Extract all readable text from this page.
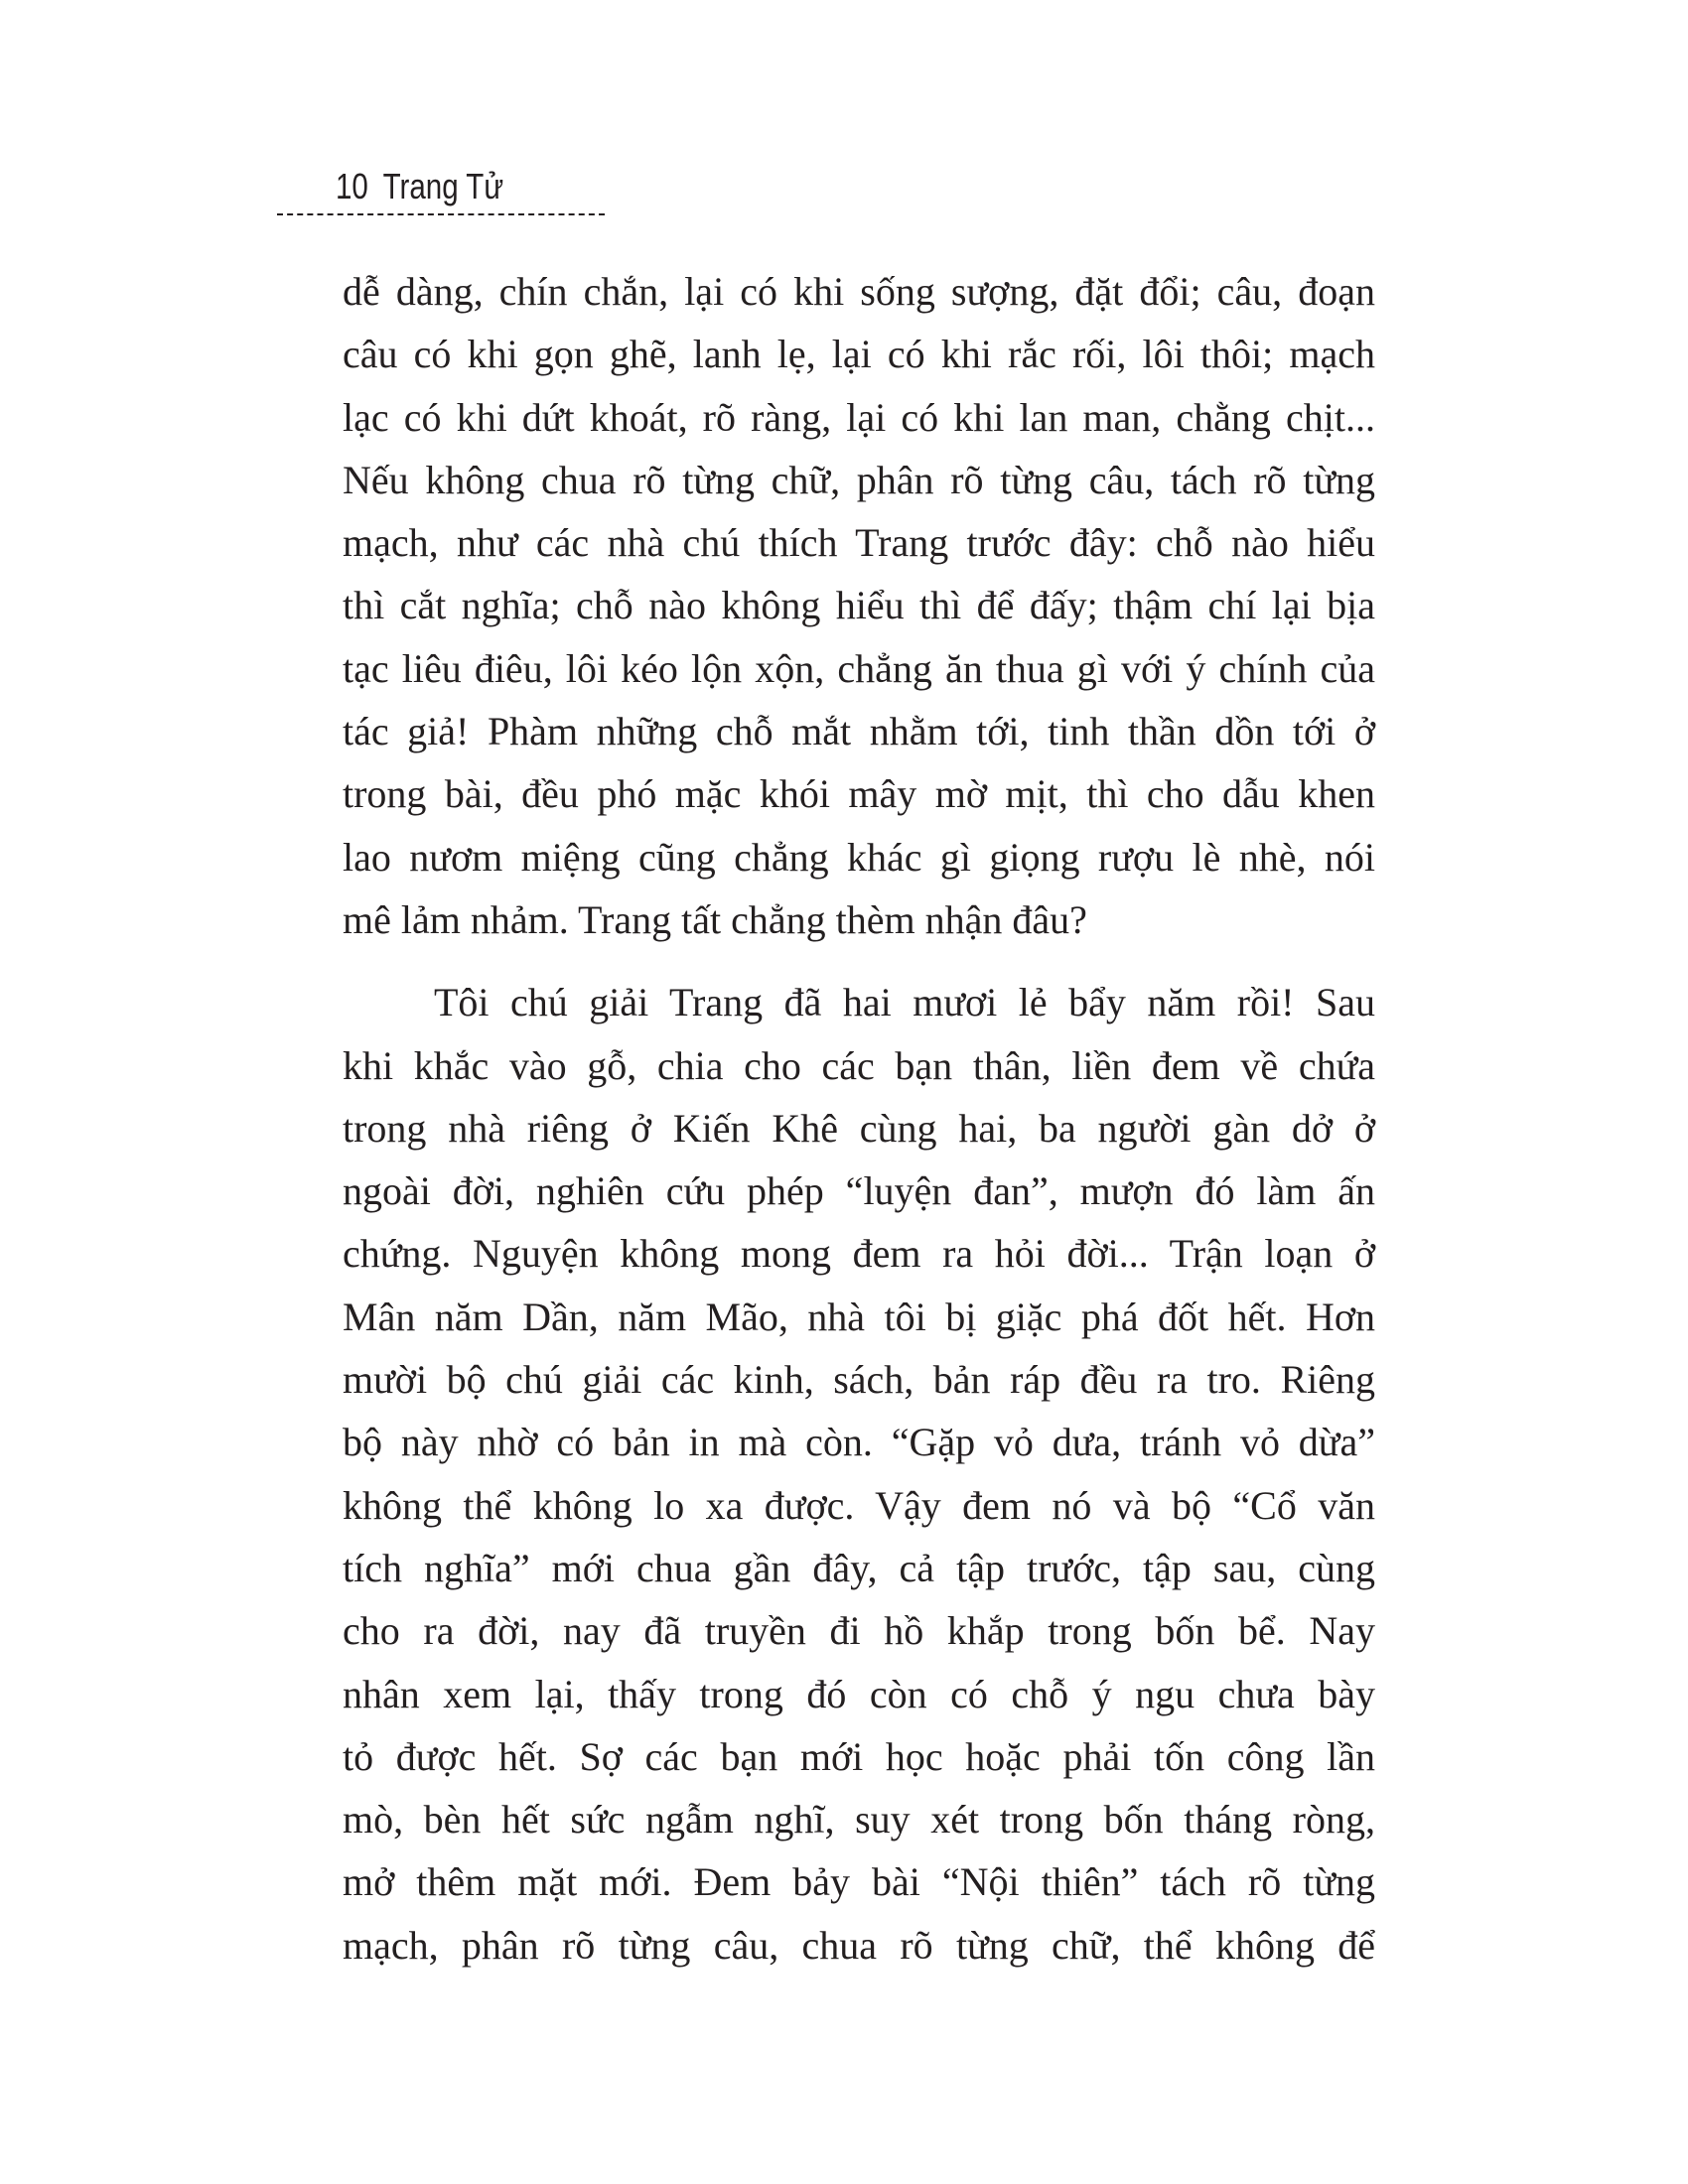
10 Trang Tử
dễ dàng, chín chắn, lại có khi sống sượng, đặt đổi; câu, đoạn
câu có khi gọn ghẽ, lanh lẹ, lại có khi rắc rối, lôi thôi; mạch
lạc có khi dứt khoát, rõ ràng, lại có khi lan man, chằng chịt...
Nếu không chua rõ từng chữ, phân rõ từng câu, tách rõ từng
mạch, như các nhà chú thích Trang trước đây: chỗ nào hiểu
thì cắt nghĩa; chỗ nào không hiểu thì để đấy; thậm chí lại bịa
tạc liêu điêu, lôi kéo lộn xộn, chẳng ăn thua gì với ý chính của
tác giả! Phàm những chỗ mắt nhằm tới, tinh thần dồn tới ở
trong bài, đều phó mặc khói mây mờ mịt, thì cho dẫu khen
lao nươm miệng cũng chẳng khác gì giọng rượu lè nhè, nói
mê lảm nhảm. Trang tất chẳng thèm nhận đâu?
Tôi chú giải Trang đã hai mươi lẻ bẩy năm rồi! Sau
khi khắc vào gỗ, chia cho các bạn thân, liền đem về chứa
trong nhà riêng ở Kiến Khê cùng hai, ba người gàn dở ở
ngoài đời, nghiên cứu phép “luyện đan”, mượn đó làm ấn
chứng. Nguyện không mong đem ra hỏi đời... Trận loạn ở
Mân năm Dần, năm Mão, nhà tôi bị giặc phá đốt hết. Hơn
mười bộ chú giải các kinh, sách, bản ráp đều ra tro. Riêng
bộ này nhờ có bản in mà còn. “Gặp vỏ dưa, tránh vỏ dừa”
không thể không lo xa được. Vậy đem nó và bộ “Cổ văn
tích nghĩa” mới chua gần đây, cả tập trước, tập sau, cùng
cho ra đời, nay đã truyền đi hồ khắp trong bốn bể. Nay
nhân xem lại, thấy trong đó còn có chỗ ý ngu chưa bày
tỏ được hết. Sợ các bạn mới học hoặc phải tốn công lần
mò, bèn hết sức ngẫm nghĩ, suy xét trong bốn tháng ròng,
mở thêm mặt mới. Đem bảy bài “Nội thiên” tách rõ từng
mạch, phân rõ từng câu, chua rõ từng chữ, thể không để
